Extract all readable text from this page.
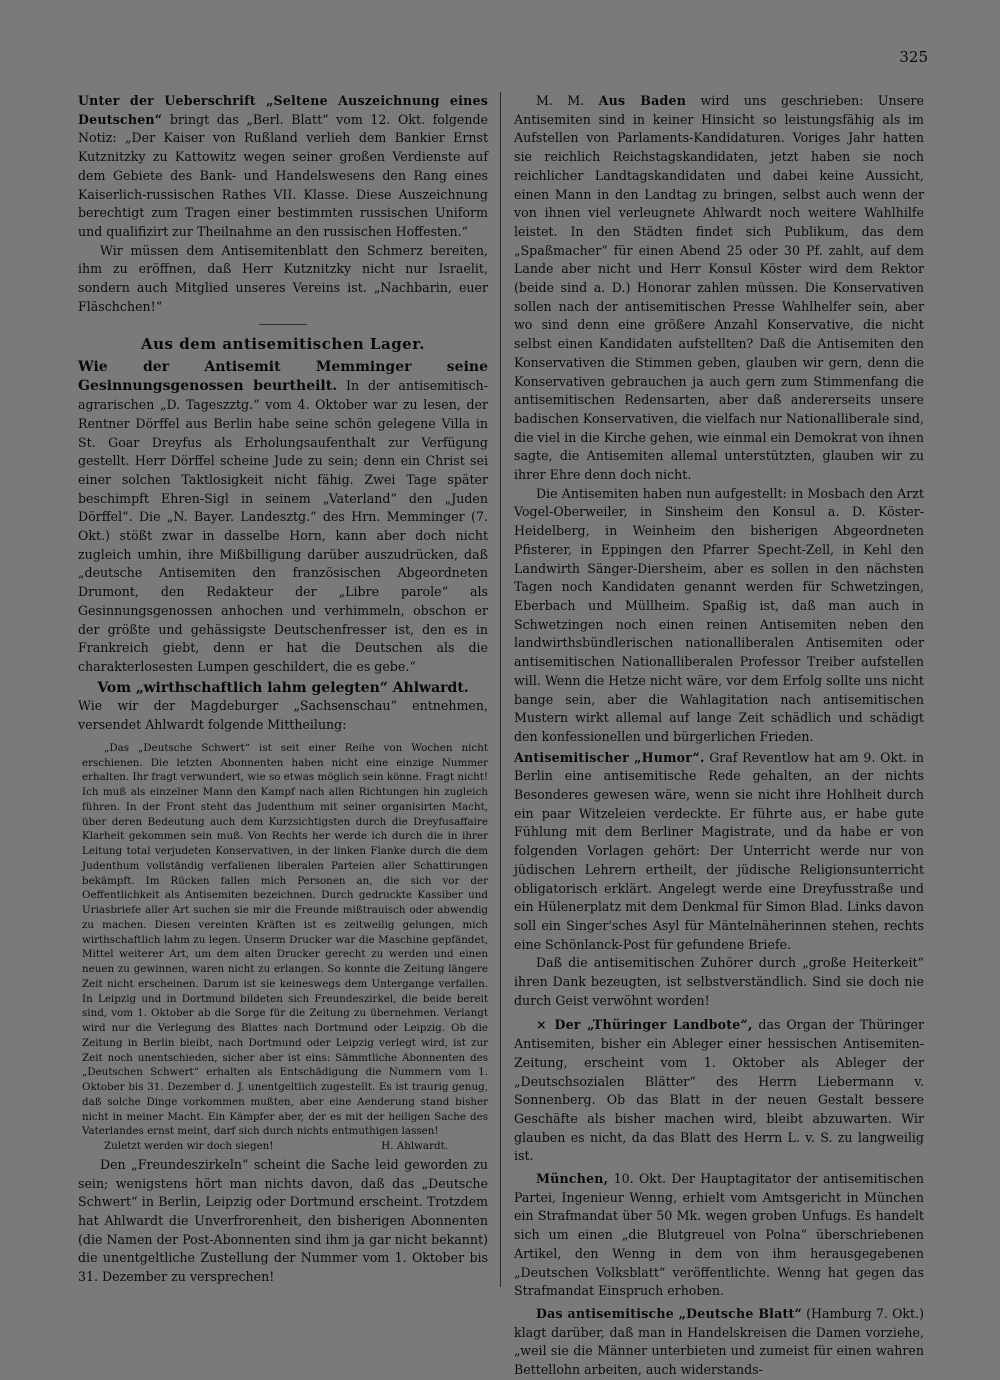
325

Unter der Ueberschrift „Seltene Auszeichnung eines Deutschen“ bringt das „Berl. Blatt“ vom 12. Okt. folgende Notiz: „Der Kaiser von Rußland verlieh dem Bankier Ernst Kutznitzky zu Kattowitz wegen seiner großen Verdienste auf dem Gebiete des Bank- und Handelswesens den Rang eines Kaiserlich-russischen Rathes VII. Klasse. Diese Auszeichnung berechtigt zum Tragen einer bestimmten russischen Uniform und qualifizirt zur Theilnahme an den russischen Hoffesten.“

Wir müssen dem Antisemitenblatt den Schmerz bereiten, ihm zu eröffnen, daß Herr Kutznitzky nicht nur Israelit, sondern auch Mitglied unseres Vereins ist. „Nachbarin, euer Fläschchen!“

Aus dem antisemitischen Lager.

Wie der Antisemit Memminger seine Gesinnungsgenossen beurtheilt. In der antisemitisch-agrarischen „D. Tageszztg.“ vom 4. Oktober war zu lesen, der Rentner Dörffel aus Berlin habe seine schön gelegene Villa in St. Goar Dreyfus als Erholungsaufenthalt zur Verfügung gestellt. Herr Dörffel scheine Jude zu sein; denn ein Christ sei einer solchen Taktlosigkeit nicht fähig. Zwei Tage später beschimpft Ehren-Sigl in seinem „Vaterland“ den „Juden Dörffel“. Die „N. Bayer. Landesztg.“ des Hrn. Memminger (7. Okt.) stößt zwar in dasselbe Horn, kann aber doch nicht zugleich umhin, ihre Mißbilligung darüber auszudrücken, daß „deutsche Antisemiten den französischen Abgeordneten Drumont, den Redakteur der „Libre parole“ als Gesinnungsgenossen anhochen und verhimmeln, obschon er der größte und gehässigste Deutschenfresser ist, den es in Frankreich giebt, denn er hat die Deutschen als die charakterlosesten Lumpen geschildert, die es gebe.“

Vom „wirthschaftlich lahm gelegten“ Ahlwardt.

Wie wir der Magdeburger „Sachsenschau“ entnehmen, versendet Ahlwardt folgende Mittheilung:

„Das „Deutsche Schwert“ ist seit einer Reihe von Wochen nicht erschienen. Die letzten Abonnenten haben nicht eine einzige Nummer erhalten. Ihr fragt verwundert, wie so etwas möglich sein könne. Fragt nicht! Ich muß als einzelner Mann den Kampf nach allen Richtungen hin zugleich führen. In der Front steht das Judenthum mit seiner organisirten Macht, über deren Bedeutung auch dem Kurzsichtigsten durch die Dreyfusaffaire Klarheit gekommen sein muß. Von Rechts her werde ich durch die in ihrer Leitung total verjudeten Konservativen, in der linken Flanke durch die dem Judenthum vollständig verfallenen liberalen Parteien aller Schattirungen bekämpft. Im Rücken fallen mich Personen an, die sich vor der Oeffentlichkeit als Antisemiten bezeichnen. Durch gedruckte Kassiber und Uriasbriefe aller Art suchen sie mir die Freunde mißtrauisch oder abwendig zu machen. Diesen vereinten Kräften ist es zeitweilig gelungen, mich wirthschaftlich lahm zu legen. Unserm Drucker war die Maschine gepfändet, Mittel weiterer Art, um dem alten Drucker gerecht zu werden und einen neuen zu gewinnen, waren nicht zu erlangen. So konnte die Zeitung längere Zeit nicht erscheinen. Darum ist sie keineswegs dem Untergange verfallen. In Leipzig und in Dortmund bildeten sich Freundeszirkel, die beide bereit sind, vom 1. Oktober ab die Sorge für die Zeitung zu übernehmen. Verlangt wird nur die Verlegung des Blattes nach Dortmund oder Leipzig. Ob die Zeitung in Berlin bleibt, nach Dortmund oder Leipzig verlegt wird, ist zur Zeit noch unentschieden, sicher aber ist eins: Sämmtliche Abonnenten des „Deutschen Schwert“ erhalten als Entschädigung die Nummern vom 1. Oktober bis 31. Dezember d. J. unentgeltlich zugestellt. Es ist traurig genug, daß solche Dinge vorkommen mußten, aber eine Aenderung stand bisher nicht in meiner Macht. Ein Kämpfer aber, der es mit der heiligen Sache des Vaterlandes ernst meint, darf sich durch nichts entmuthigen lassen!

Zuletzt werden wir doch siegen!	H. Ahlwardt.

Den „Freundeszirkeln“ scheint die Sache leid geworden zu sein; wenigstens hört man nichts davon, daß das „Deutsche Schwert“ in Berlin, Leipzig oder Dortmund erscheint. Trotzdem hat Ahlwardt die Unverfrorenheit, den bisherigen Abonnenten (die Namen der Post-Abonnenten sind ihm ja gar nicht bekannt) die unentgeltliche Zustellung der Nummer vom 1. Oktober bis 31. Dezember zu versprechen!

M. M. Aus Baden wird uns geschrieben: Unsere Antisemiten sind in keiner Hinsicht so leistungsfähig als im Aufstellen von Parlaments-Kandidaturen. Voriges Jahr hatten sie reichlich Reichstagskandidaten, jetzt haben sie noch reichlicher Landtagskandidaten und dabei keine Aussicht, einen Mann in den Landtag zu bringen, selbst auch wenn der von ihnen viel verleugnete Ahlwardt noch weitere Wahlhilfe leistet. In den Städten findet sich Publikum, das dem „Spaßmacher“ für einen Abend 25 oder 30 Pf. zahlt, auf dem Lande aber nicht und Herr Konsul Köster wird dem Rektor (beide sind a. D.) Honorar zahlen müssen. Die Konservativen sollen nach der antisemitischen Presse Wahlhelfer sein, aber wo sind denn eine größere Anzahl Konservative, die nicht selbst einen Kandidaten aufstellten? Daß die Antisemiten den Konservativen die Stimmen geben, glauben wir gern, denn die Konservativen gebrauchen ja auch gern zum Stimmenfang die antisemitischen Redensarten, aber daß andererseits unsere badischen Konservativen, die vielfach nur Nationalliberale sind, die viel in die Kirche gehen, wie einmal ein Demokrat von ihnen sagte, die Antisemiten allemal unterstützten, glauben wir zu ihrer Ehre denn doch nicht.

Die Antisemiten haben nun aufgestellt: in Mosbach den Arzt Vogel-Oberweiler, in Sinsheim den Konsul a. D. Köster-Heidelberg, in Weinheim den bisherigen Abgeordneten Pfisterer, in Eppingen den Pfarrer Specht-Zell, in Kehl den Landwirth Sänger-Diersheim, aber es sollen in den nächsten Tagen noch Kandidaten genannt werden für Schwetzingen, Eberbach und Müllheim. Spaßig ist, daß man auch in Schwetzingen noch einen reinen Antisemiten neben den landwirthsbündlerischen nationalliberalen Antisemiten oder antisemitischen Nationalliberalen Professor Treiber aufstellen will. Wenn die Hetze nicht wäre, vor dem Erfolg sollte uns nicht bange sein, aber die Wahlagitation nach antisemitischen Mustern wirkt allemal auf lange Zeit schädlich und schädigt den konfessionellen und bürgerlichen Frieden.

Antisemitischer „Humor“. Graf Reventlow hat am 9. Okt. in Berlin eine antisemitische Rede gehalten, an der nichts Besonderes gewesen wäre, wenn sie nicht ihre Hohlheit durch ein paar Witzeleien verdeckte. Er führte aus, er habe gute Fühlung mit dem Berliner Magistrate, und da habe er von folgenden Vorlagen gehört: Der Unterricht werde nur von jüdischen Lehrern ertheilt, der jüdische Religionsunterricht obligatorisch erklärt. Angelegt werde eine Dreyfusstraße und ein Hülenerplatz mit dem Denkmal für Simon Blad. Links davon soll ein Singer'sches Asyl für Mäntelnäherinnen stehen, rechts eine Schönlanck-Post für gefundene Briefe.

Daß die antisemitischen Zuhörer durch „große Heiterkeit“ ihren Dank bezeugten, ist selbstverständlich. Sind sie doch nie durch Geist verwöhnt worden!

× Der „Thüringer Landbote“, das Organ der Thüringer Antisemiten, bisher ein Ableger einer hessischen Antisemiten-Zeitung, erscheint vom 1. Oktober als Ableger der „Deutschsozialen Blätter“ des Herrn Liebermann v. Sonnenberg. Ob das Blatt in der neuen Gestalt bessere Geschäfte als bisher machen wird, bleibt abzuwarten. Wir glauben es nicht, da das Blatt des Herrn L. v. S. zu langweilig ist.

München, 10. Okt. Der Hauptagitator der antisemitischen Partei, Ingenieur Wenng, erhielt vom Amtsgericht in München ein Strafmandat über 50 Mk. wegen groben Unfugs. Es handelt sich um einen „die Blutgreuel von Polna“ überschriebenen Artikel, den Wenng in dem von ihm herausgegebenen „Deutschen Volksblatt“ veröffentlichte. Wenng hat gegen das Strafmandat Einspruch erhoben.

Das antisemitische „Deutsche Blatt“ (Hamburg 7. Okt.) klagt darüber, daß man in Handelskreisen die Damen vorziehe, „weil sie die Männer unterbieten und zumeist für einen wahren Bettellohn arbeiten, auch widerstands-
